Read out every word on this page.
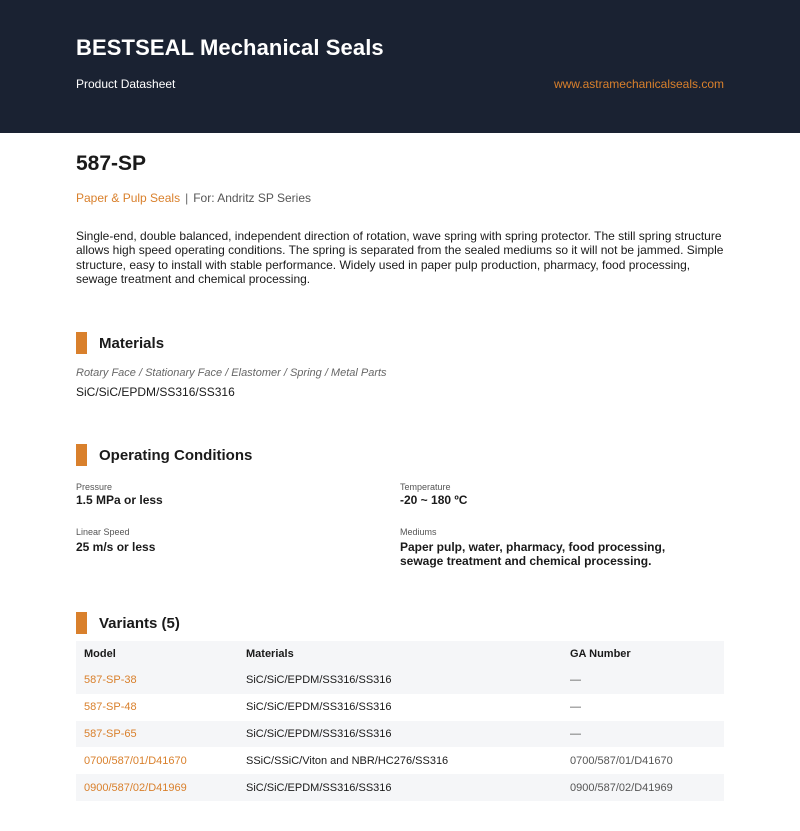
BESTSEAL Mechanical Seals
Product Datasheet	www.astramechanicalseals.com
587-SP
Paper & Pulp Seals | For: Andritz SP Series
Single-end, double balanced, independent direction of rotation, wave spring with spring protector. The still spring structure allows high speed operating conditions. The spring is separated from the sealed mediums so it will not be jammed. Simple structure, easy to install with stable performance. Widely used in paper pulp production, pharmacy, food processing, sewage treatment and chemical processing.
Materials
Rotary Face / Stationary Face / Elastomer / Spring / Metal Parts
SiC/SiC/EPDM/SS316/SS316
Operating Conditions
Pressure
1.5 MPa or less
Temperature
-20 ~ 180 ºC
Linear Speed
25 m/s or less
Mediums
Paper pulp, water, pharmacy, food processing, sewage treatment and chemical processing.
Variants (5)
Model	Materials	GA Number
587-SP-38	SiC/SiC/EPDM/SS316/SS316	—
587-SP-48	SiC/SiC/EPDM/SS316/SS316	—
587-SP-65	SiC/SiC/EPDM/SS316/SS316	—
0700/587/01/D41670	SSiC/SSiC/Viton and NBR/HC276/SS316	0700/587/01/D41670
0900/587/02/D41969	SiC/SiC/EPDM/SS316/SS316	0900/587/02/D41969
